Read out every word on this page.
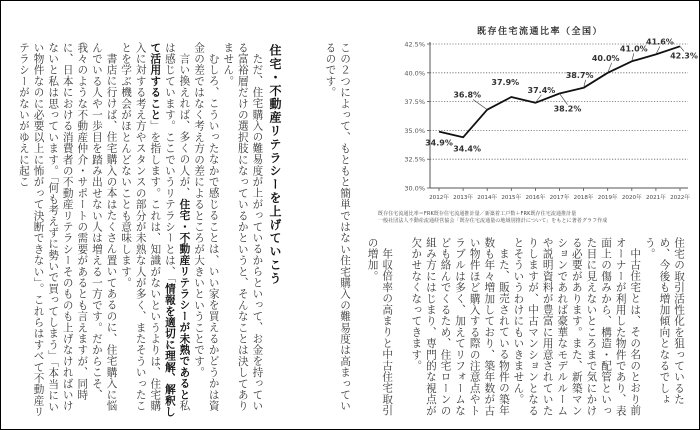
この２つによって、もともと簡単ではない住宅購入の難易度は高まっているのです。

ただ、住宅購入の難易度が上がっているからといって、お金を持っている富裕層だけの選択肢になっているかというと、そんなことは決してありません。

むしろ、こういったなかで感じることは、いい家を買えるかどうかは資金の差ではなく考え方の差によるところが大きいということです。

言い換えれば、多くの人が、住宅・不動産リテラシーが未熟であると私は感じています。ここでいうリテラシーとは、「情報を適切に理解、解釈して活用すること」を指します。これは、知識がないというよりは、住宅購入に対する考え方やスタンスの部分が未熟な人が多く、またそういったことを学ぶ機会がほとんどないことも意味します。

書店に行けば、住宅購入の本はたくさん置いてあるのに、住宅購入に悩んでいる人や一歩目を踏み出せない人は増える一方です。だからこそ、我々のような不動産仲介・サポートの需要があるとも言えますが、同時に、日本における消費者の不動産リテラシーそのものも上げなければいけないと私は思っています。「何も考えずに勢いで買ってしまう」「本当にいい物件なのに必要以上に怖がって決断できない」。これらはすべて不動産リテラシーがないがゆえに起こ	住宅・不動産リテラシーを上げていこう
既存住宅流通比率（全国）
30.0%
32.5%
35.0%
37.5%
40.0%
42.5%
2012年 2013年 2014年 2015年 2016年 2017年 2018年 2019年 2020年 2021年 2022年
34.9%
34.4%
36.8%
37.9%
37.4%
38.2%
38.7%
40.0%
41.0%
41.6%
42.3%
既存住宅流通比率＝FRK既存住宅流通推計量／新築着工戸数＋FRK既存住宅流通推計量
一般社団法人不動産流通経営協会「既存住宅流通量の地域別推計について」をもとに著者グラフ作成

住宅の取引活性化を狙っているため、今後も増加傾向となるでしょう。

中古住宅とは、その名のとおり前オーナーが利用した物件であり、表面上の傷みから、構造・配管といった目に見えないところまで気にかける必要があります。また、新築マンションであれば豪華なモデルルームや説明資料が豊富に用意されていたりしますが、中古マンションとなるとそういうわけにもいきません。

また、販売されている物件の築年数も年々増加しており、築年数が古い物件ほど購入する際の注意点やトラブルは多く、加えてリフォームなども絡んでくるため、住宅ローンの組み方にはじまり、専門的な視点が欠かせなくなってきます。

年収倍率の高まりと中古住宅取引の増加。
